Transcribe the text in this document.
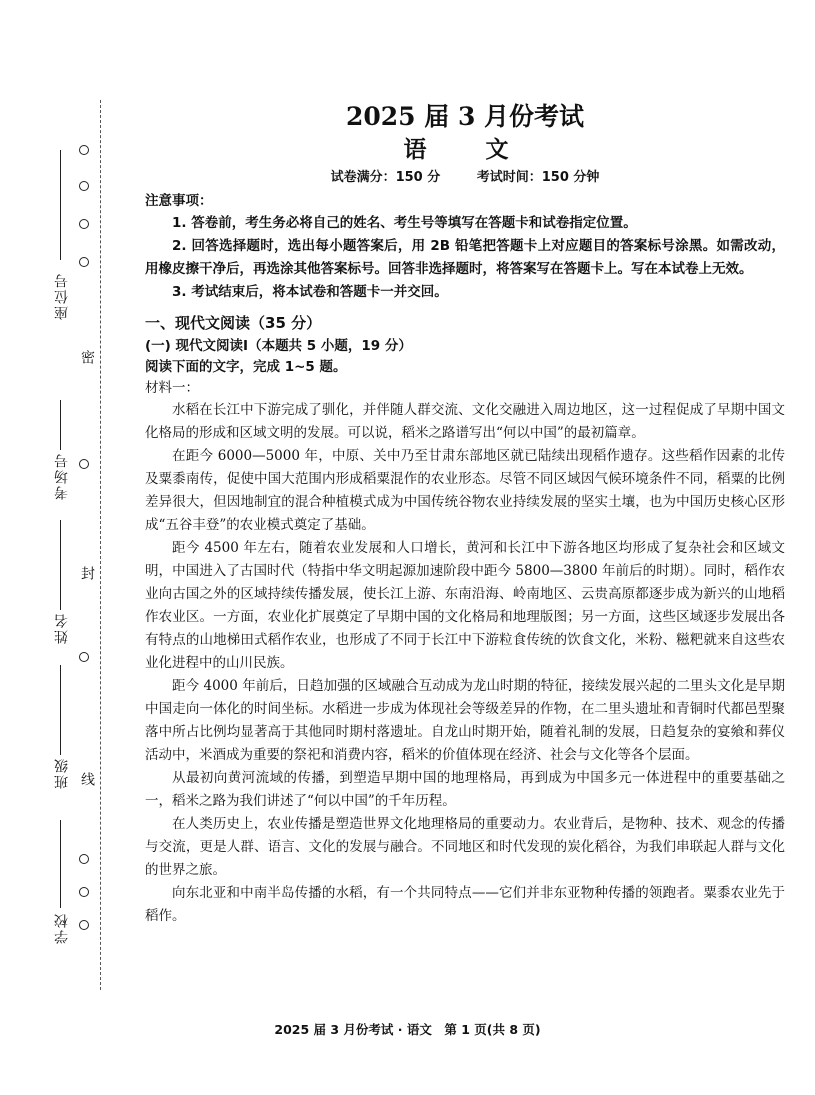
密
封
线
座位号
考场号
姓名
班级
学校

2025 届 3 月份考试

语　文

试卷满分：150 分	考试时间：150 分钟
注意事项：

1. 答卷前，考生务必将自己的姓名、考生号等填写在答题卡和试卷指定位置。

2. 回答选择题时，选出每小题答案后，用 2B 铅笔把答题卡上对应题目的答案标号涂黑。如需改动，用橡皮擦干净后，再选涂其他答案标号。回答非选择题时，将答案写在答题卡上。写在本试卷上无效。

3. 考试结束后，将本试卷和答题卡一并交回。

一、现代文阅读（35 分）
(一) 现代文阅读Ⅰ（本题共 5 小题，19 分）
阅读下面的文字，完成 1~5 题。
材料一：

水稻在长江中下游完成了驯化，并伴随人群交流、文化交融进入周边地区，这一过程促成了早期中国文化格局的形成和区域文明的发展。可以说，稻米之路谱写出“何以中国”的最初篇章。

在距今 6000—5000 年，中原、关中乃至甘肃东部地区就已陆续出现稻作遗存。这些稻作因素的北传及粟黍南传，促使中国大范围内形成稻粟混作的农业形态。尽管不同区域因气候环境条件不同，稻粟的比例差异很大，但因地制宜的混合种植模式成为中国传统谷物农业持续发展的坚实土壤，也为中国历史核心区形成“五谷丰登”的农业模式奠定了基础。

距今 4500 年左右，随着农业发展和人口增长，黄河和长江中下游各地区均形成了复杂社会和区域文明，中国进入了古国时代（特指中华文明起源加速阶段中距今 5800—3800 年前后的时期）。同时，稻作农业向古国之外的区域持续传播发展，使长江上游、东南沿海、岭南地区、云贵高原都逐步成为新兴的山地稻作农业区。一方面，农业化扩展奠定了早期中国的文化格局和地理版图；另一方面，这些区域逐步发展出各有特点的山地梯田式稻作农业，也形成了不同于长江中下游粒食传统的饮食文化，米粉、糍粑就来自这些农业化进程中的山川民族。

距今 4000 年前后，日趋加强的区域融合互动成为龙山时期的特征，接续发展兴起的二里头文化是早期中国走向一体化的时间坐标。水稻进一步成为体现社会等级差异的作物，在二里头遗址和青铜时代都邑型聚落中所占比例均显著高于其他同时期村落遗址。自龙山时期开始，随着礼制的发展，日趋复杂的宴飨和葬仪活动中，米酒成为重要的祭祀和消费内容，稻米的价值体现在经济、社会与文化等各个层面。

从最初向黄河流域的传播，到塑造早期中国的地理格局，再到成为中国多元一体进程中的重要基础之一，稻米之路为我们讲述了“何以中国”的千年历程。

在人类历史上，农业传播是塑造世界文化地理格局的重要动力。农业背后，是物种、技术、观念的传播与交流，更是人群、语言、文化的发展与融合。不同地区和时代发现的炭化稻谷，为我们串联起人群与文化的世界之旅。

向东北亚和中南半岛传播的水稻，有一个共同特点——它们并非东亚物种传播的领跑者。粟黍农业先于稻作。

2025 届 3 月份考试 · 语文　第 1 页(共 8 页)
